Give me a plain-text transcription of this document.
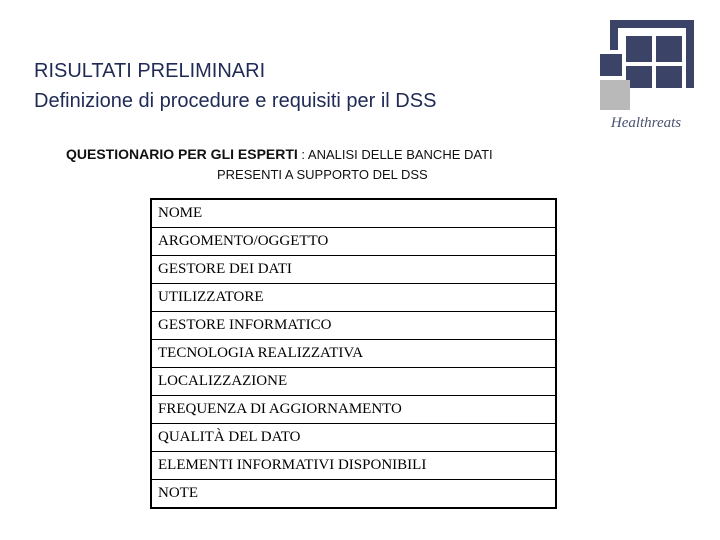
RISULTATI PRELIMINARI
Definizione di procedure e requisiti per il DSS
Healthreats
QUESTIONARIO PER GLI ESPERTI : ANALISI DELLE BANCHE DATI
PRESENTI A SUPPORTO DEL DSS
NOME
ARGOMENTO/OGGETTO
GESTORE DEI DATI
UTILIZZATORE
GESTORE INFORMATICO
TECNOLOGIA REALIZZATIVA
LOCALIZZAZIONE
FREQUENZA DI AGGIORNAMENTO
QUALITÀ DEL DATO
ELEMENTI INFORMATIVI DISPONIBILI
NOTE
